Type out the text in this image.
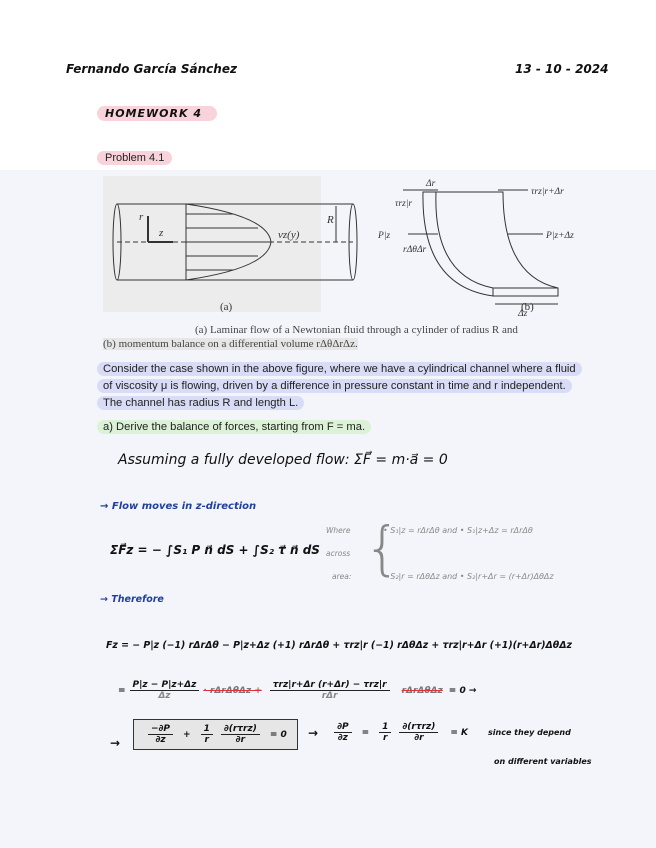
Fernando García Sánchez	13 - 10 - 2024
HOMEWORK 4
Problem 4.1
r
z	vz(y)
R
(a)
Δr
τrz|r+Δr
τrz|r
P|z	P|z+Δz
rΔθΔr
Δz
(b)
(a) Laminar flow of a Newtonian fluid through a cylinder of radius R and
(b) momentum balance on a differential volume rΔθΔrΔz.
Consider the case shown in the above figure, where we have a cylindrical channel where a fluid
of viscosity μ is flowing, driven by a difference in pressure constant in time and r independent.
The channel has radius R and length L.
a) Derive the balance of forces, starting from F = ma.
Assuming a fully developed flow: ΣF⃗ = m·a⃗ = 0
→ Flow moves in z-direction
ΣF⃗z = − ∫S₁ P n⃗ dS + ∫S₂ τ⃗ n⃗ dS
Where
across
area: {
• S₁|z = rΔrΔθ and • S₁|z+Δz = rΔrΔθ
• S₂|r = rΔθΔz and • S₂|r+Δr = (r+Δr)ΔθΔz
→ Therefore
Fz = − P|z (−1) rΔrΔθ − P|z+Δz (+1) rΔrΔθ + τrz|r (−1) rΔθΔz + τrz|r+Δr (+1)(r+Δr)ΔθΔz
= $\frac{P|z - P|z+\Delta z}{\Delta z} \cdot r\Delta r\Delta\theta\Delta z + \frac{\text{τrz|r+Δr (r+Δr) − τrz|r}}{\text{rΔr}}$ rΔrΔθΔz = 0 →
→	$\frac{-\partial P}{\partial z} + \frac{1}{r} \frac{\text{∂(rτrz)}}{\partial r} = 0 \to \frac{\partial P}{\partial z} = \frac{1}{r} \frac{\text{∂(rτrz)}}{\partial r} = K$	since they depend
on different variables
